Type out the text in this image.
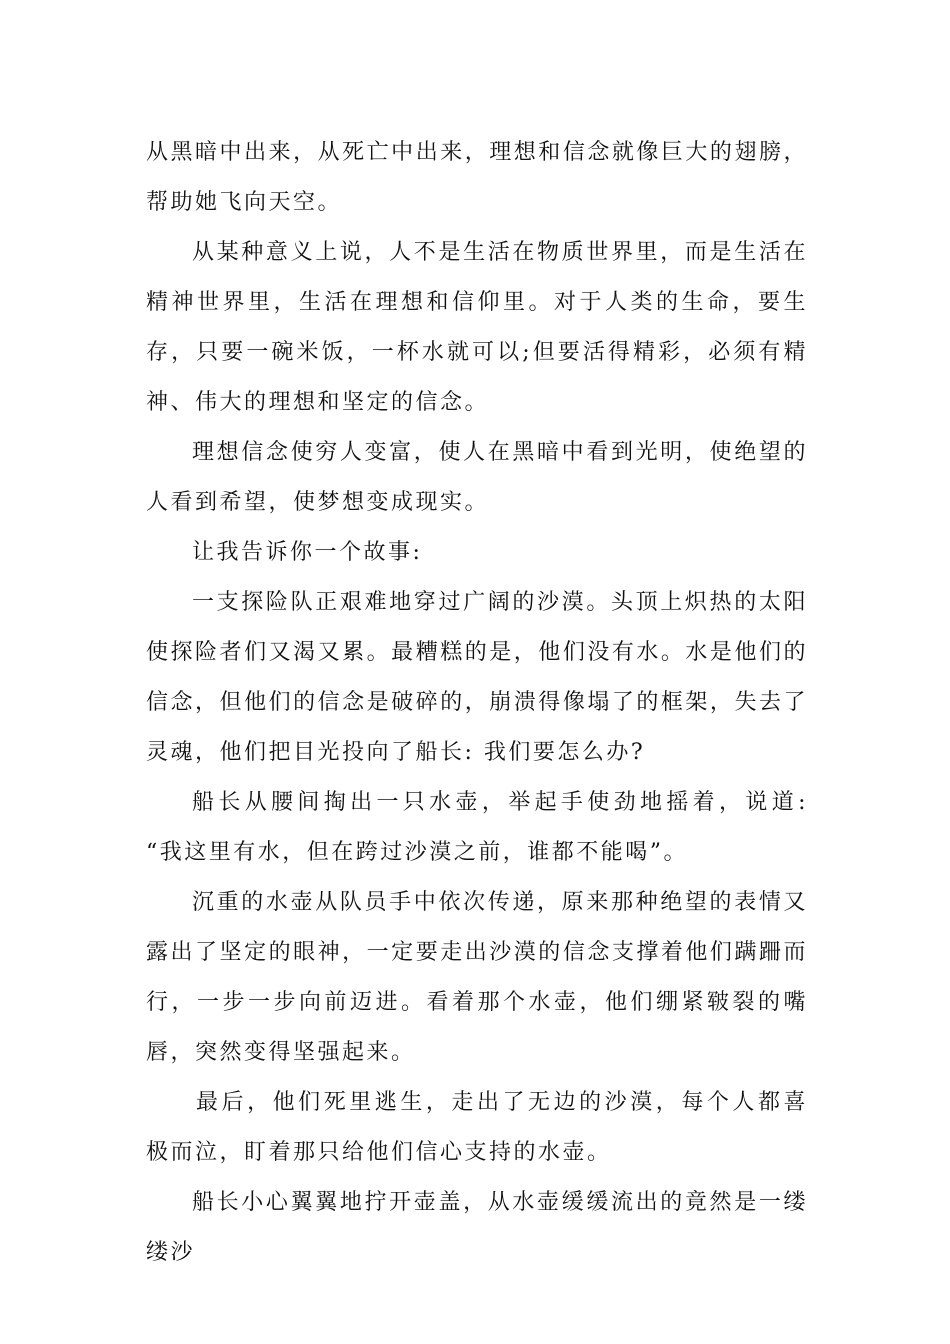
从黑暗中出来，从死亡中出来，理想和信念就像巨大的翅膀，帮助她飞向天空。

从某种意义上说，人不是生活在物质世界里，而是生活在精神世界里，生活在理想和信仰里。对于人类的生命，要生存，只要一碗米饭，一杯水就可以;但要活得精彩，必须有精神、伟大的理想和坚定的信念。

理想信念使穷人变富，使人在黑暗中看到光明，使绝望的人看到希望，使梦想变成现实。

让我告诉你一个故事:

一支探险队正艰难地穿过广阔的沙漠。头顶上炽热的太阳使探险者们又渴又累。最糟糕的是，他们没有水。水是他们的信念，但他们的信念是破碎的，崩溃得像塌了的框架，失去了灵魂，他们把目光投向了船长: 我们要怎么办?

船长从腰间掏出一只水壶，举起手使劲地摇着，说道: “我这里有水，但在跨过沙漠之前，谁都不能喝”。

沉重的水壶从队员手中依次传递，原来那种绝望的表情又露出了坚定的眼神，一定要走出沙漠的信念支撑着他们蹒跚而行，一步一步向前迈进。看着那个水壶，他们绷紧皲裂的嘴唇，突然变得坚强起来。

最后，他们死里逃生，走出了无边的沙漠，每个人都喜极而泣，盯着那只给他们信心支持的水壶。

船长小心翼翼地拧开壶盖，从水壶缓缓流出的竟然是一缕缕沙
